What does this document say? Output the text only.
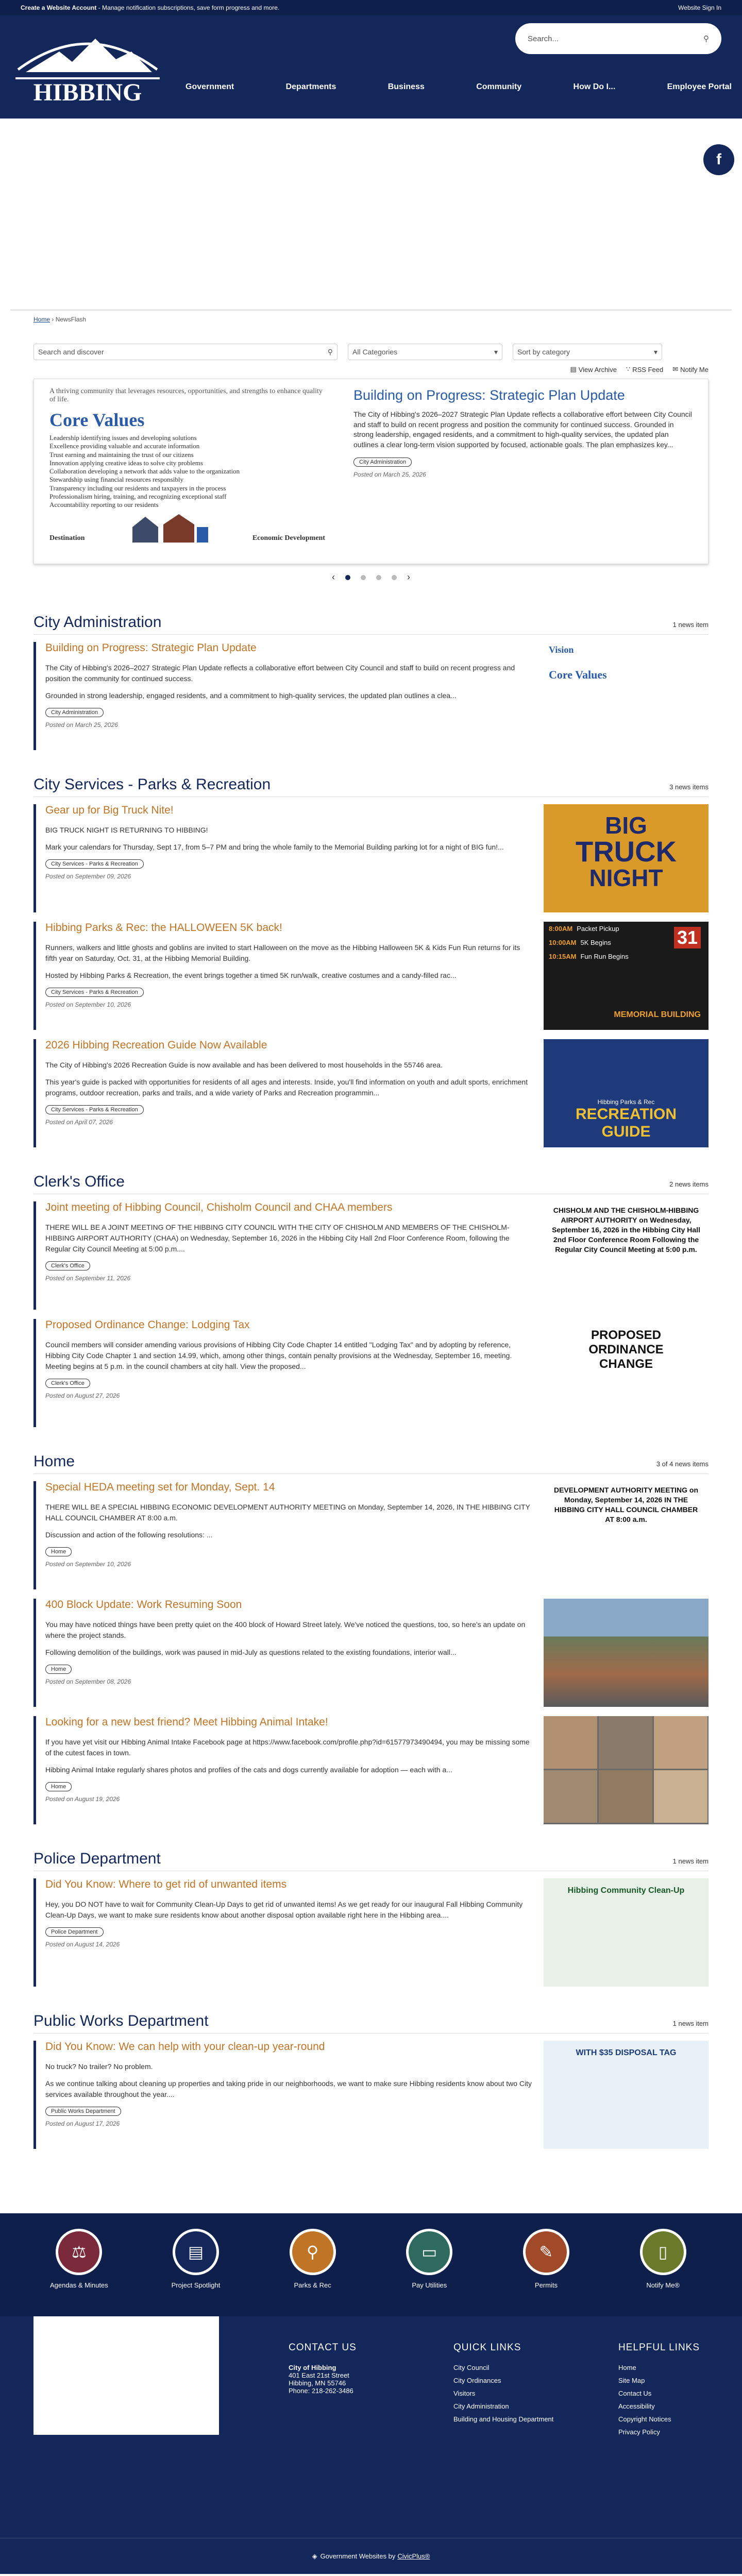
Create a Website Account - Manage notification subscriptions, save form progress and more.	Website Sign In
HIBBING
Search...	⚲
Government	Departments	Business	Community	How Do I...	Employee Portal
f
Home › NewsFlash
Search and discover	⚲	All Categories	▾	Sort by category	▾
▤ View Archive ∵ RSS Feed ✉ Notify Me
A thriving community that leverages resources, opportunities, and strengths to enhance quality of life.
Core Values
Leadership identifying issues and developing solutions
Excellence providing valuable and accurate information
Trust earning and maintaining the trust of our citizens
Innovation applying creative ideas to solve city problems
Collaboration developing a network that adds value to the organization
Stewardship using financial resources responsibly
Transparency including our residents and taxpayers in the process
Professionalism hiring, training, and recognizing exceptional staff
Accountability reporting to our residents
Destination	Economic Development
Building on Progress: Strategic Plan Update

The City of Hibbing's 2026–2027 Strategic Plan Update reflects a collaborative effort between City Council and staff to build on recent progress and position the community for continued success. Grounded in strong leadership, engaged residents, and a commitment to high-quality services, the updated plan outlines a clear long-term vision supported by focused, actionable goals. The plan emphasizes key...

City Administration
Posted on March 25, 2026
‹	›
City Administration	1 news item
Building on Progress: Strategic Plan Update

The City of Hibbing's 2026–2027 Strategic Plan Update reflects a collaborative effort between City Council and staff to build on recent progress and position the community for continued success.

Grounded in strong leadership, engaged residents, and a commitment to high-quality services, the updated plan outlines a clea...

City Administration
Posted on March 25, 2026
Vision
Core Values
City Services - Parks & Recreation	3 news items
Gear up for Big Truck Nite!

BIG TRUCK NIGHT IS RETURNING TO HIBBING!

Mark your calendars for Thursday, Sept 17, from 5–7 PM and bring the whole family to the Memorial Building parking lot for a night of BIG fun!...

City Services - Parks & Recreation
Posted on September 09, 2026
BIG
TRUCK
NIGHT
Hibbing Parks & Rec: the HALLOWEEN 5K back!

Runners, walkers and little ghosts and goblins are invited to start Halloween on the move as the Hibbing Halloween 5K & Kids Fun Run returns for its fifth year on Saturday, Oct. 31, at the Hibbing Memorial Building.

Hosted by Hibbing Parks & Recreation, the event brings together a timed 5K run/walk, creative costumes and a candy-filled rac...

City Services - Parks & Recreation
Posted on September 10, 2026
8:00AM Packet Pickup
10:00AM 5K Begins
10:15AM Fun Run Begins
31
MEMORIAL BUILDING
2026 Hibbing Recreation Guide Now Available

The City of Hibbing's 2026 Recreation Guide is now available and has been delivered to most households in the 55746 area.

This year's guide is packed with opportunities for residents of all ages and interests. Inside, you'll find information on youth and adult sports, enrichment programs, outdoor recreation, parks and trails, and a wide variety of Parks and Recreation programmin...

City Services - Parks & Recreation
Posted on April 07, 2026
Hibbing Parks & Rec
RECREATION
GUIDE
Clerk's Office	2 news items
Joint meeting of Hibbing Council, Chisholm Council and CHAA members

THERE WILL BE A JOINT MEETING OF THE HIBBING CITY COUNCIL WITH THE CITY OF CHISHOLM AND MEMBERS OF THE CHISHOLM-HIBBING AIRPORT AUTHORITY (CHAA) on Wednesday, September 16, 2026 in the Hibbing City Hall 2nd Floor Conference Room, following the Regular City Council Meeting at 5:00 p.m....

Clerk's Office
Posted on September 11, 2026
CHISHOLM AND THE CHISHOLM-HIBBING AIRPORT AUTHORITY on Wednesday, September 16, 2026 in the Hibbing City Hall 2nd Floor Conference Room Following the Regular City Council Meeting at 5:00 p.m.
Proposed Ordinance Change: Lodging Tax

Council members will consider amending various provisions of Hibbing City Code Chapter 14 entitled "Lodging Tax" and by adopting by reference, Hibbing City Code Chapter 1 and section 14.99, which, among other things, contain penalty provisions at the Wednesday, September 16, meeting. Meeting begins at 5 p.m. in the council chambers at city hall. View the proposed...

Clerk's Office
Posted on August 27, 2026
PROPOSED
ORDINANCE
CHANGE
Home	3 of 4 news items
Special HEDA meeting set for Monday, Sept. 14

THERE WILL BE A SPECIAL HIBBING ECONOMIC DEVELOPMENT AUTHORITY MEETING on Monday, September 14, 2026, IN THE HIBBING CITY HALL COUNCIL CHAMBER AT 8:00 a.m.

Discussion and action of the following resolutions: ...

Home
Posted on September 10, 2026
DEVELOPMENT AUTHORITY MEETING on Monday, September 14, 2026 IN THE HIBBING CITY HALL COUNCIL CHAMBER AT 8:00 a.m.
400 Block Update: Work Resuming Soon

You may have noticed things have been pretty quiet on the 400 block of Howard Street lately. We've noticed the questions, too, so here's an update on where the project stands.

Following demolition of the buildings, work was paused in mid-July as questions related to the existing foundations, interior wall...

Home
Posted on September 08, 2026
Looking for a new best friend? Meet Hibbing Animal Intake!

If you have yet visit our Hibbing Animal Intake Facebook page at https://www.facebook.com/profile.php?id=61577973490494, you may be missing some of the cutest faces in town.

Hibbing Animal Intake regularly shares photos and profiles of the cats and dogs currently available for adoption — each with a...

Home
Posted on August 19, 2026
Police Department	1 news item
Did You Know: Where to get rid of unwanted items

Hey, you DO NOT have to wait for Community Clean-Up Days to get rid of unwanted items! As we get ready for our inaugural Fall Hibbing Community Clean-Up Days, we want to make sure residents know about another disposal option available right here in the Hibbing area....

Police Department
Posted on August 14, 2026
Hibbing Community Clean-Up
Public Works Department	1 news item
Did You Know: We can help with your clean-up year-round

No truck? No trailer? No problem.

As we continue talking about cleaning up properties and taking pride in our neighborhoods, we want to make sure Hibbing residents know about two City services available throughout the year....

Public Works Department
Posted on August 17, 2026
WITH $35 DISPOSAL TAG
⚖
Agendas & Minutes
▤
Project Spotlight
⚲
Parks & Rec
▭
Pay Utilities
✎
Permits
▯
Notify Me®
CONTACT US
City of Hibbing
401 East 21st Street
Hibbing, MN 55746
Phone: 218-262-3486
QUICK LINKS
City Council
City Ordinances
Visitors
City Administration
Building and Housing Department
HELPFUL LINKS
Home
Site Map
Contact Us
Accessibility
Copyright Notices
Privacy Policy
◈ Government Websites by CivicPlus®
